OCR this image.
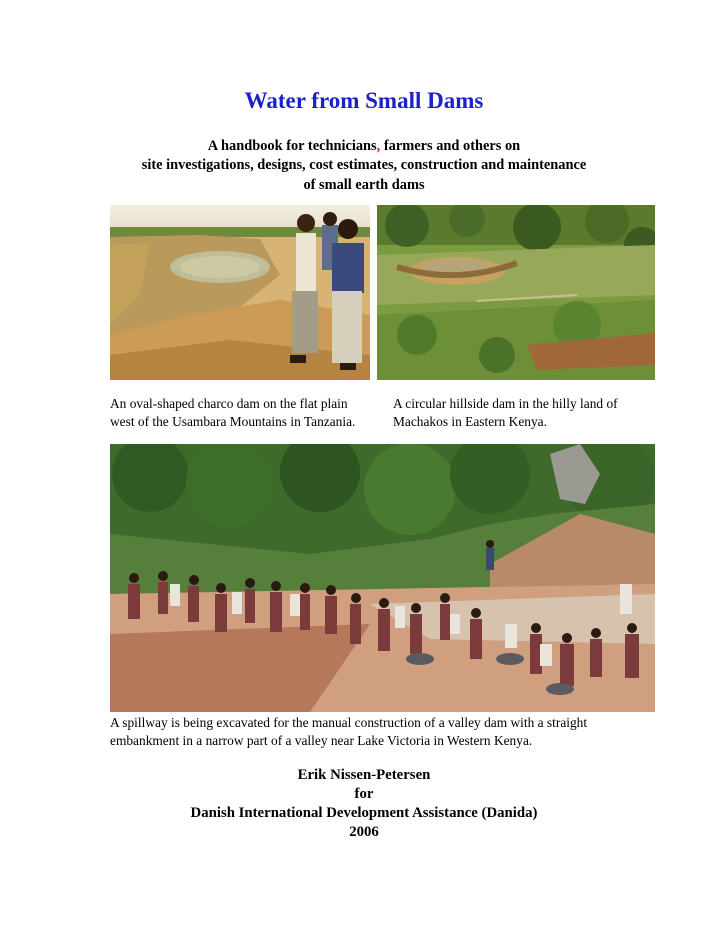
Water from Small Dams
A handbook for technicians, farmers and others on
site investigations, designs, cost estimates, construction and maintenance
of small earth dams
An oval-shaped charco dam on the flat plain
west of the Usambara Mountains in Tanzania.
A circular hillside dam in the hilly land of
Machakos in Eastern Kenya.
A spillway is being excavated for the manual construction of a valley dam with a straight
embankment in a narrow part of a valley near Lake Victoria in Western Kenya.
Erik Nissen-Petersen
for
Danish International Development Assistance (Danida)
2006
